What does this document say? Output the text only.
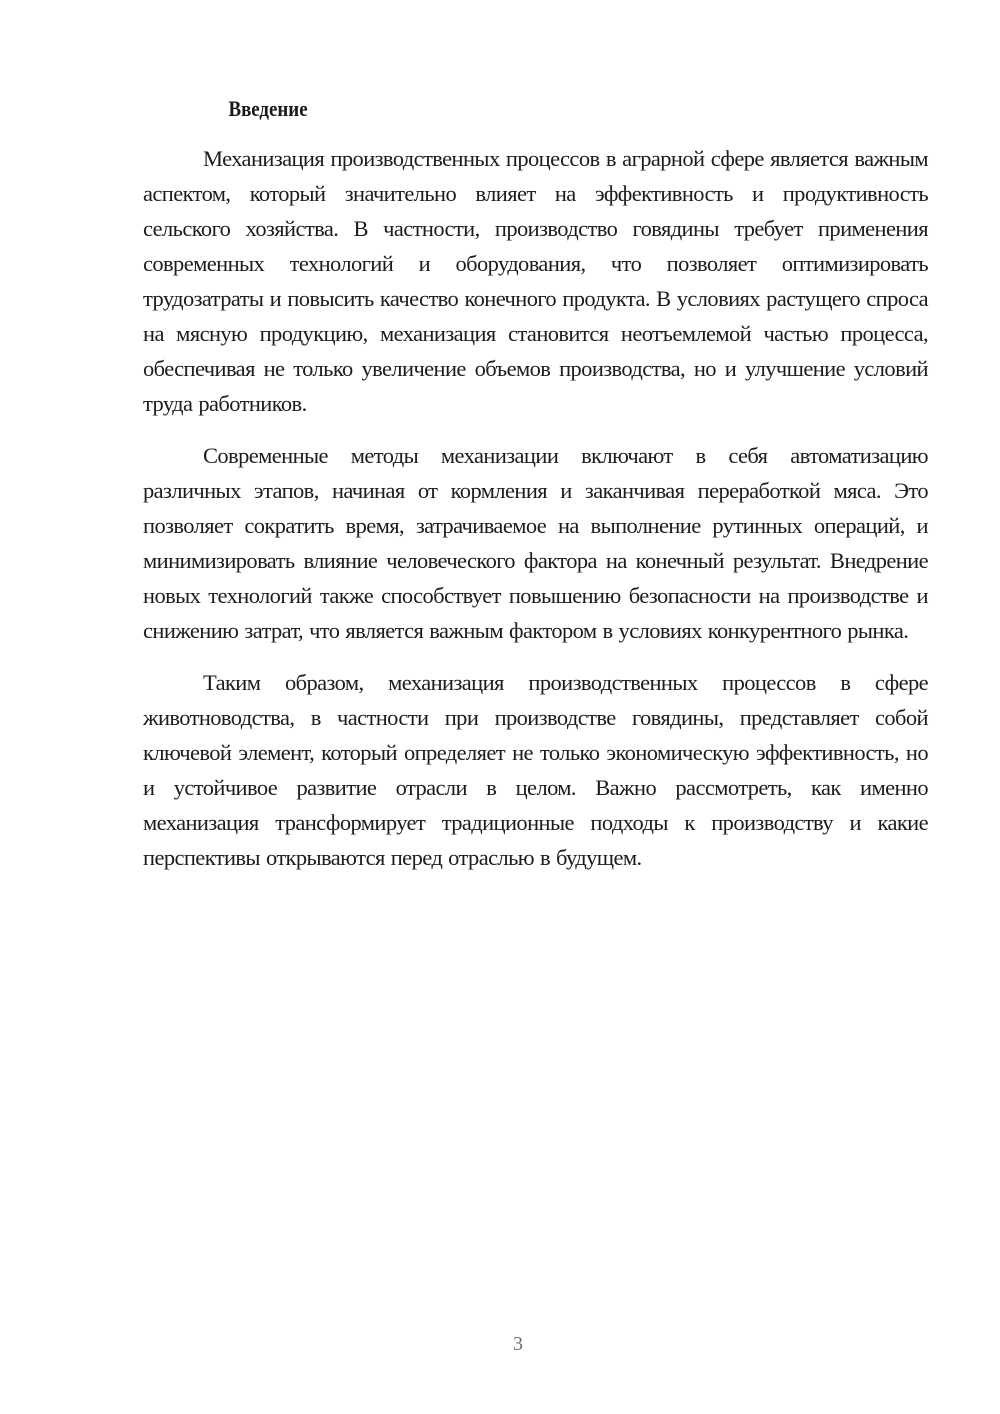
Введение

Механизация производственных процессов в аграрной сфере является важным аспектом, который значительно влияет на эффективность и продуктивность сельского хозяйства. В частности, производство говядины требует применения современных технологий и оборудования, что позволяет оптимизировать трудозатраты и повысить качество конечного продукта. В условиях растущего спроса на мясную продукцию, механизация становится неотъемлемой частью процесса, обеспечивая не только увеличение объемов производства, но и улучшение условий труда работников.

Современные методы механизации включают в себя автоматизацию различных этапов, начиная от кормления и заканчивая переработкой мяса. Это позволяет сократить время, затрачиваемое на выполнение рутинных операций, и минимизировать влияние человеческого фактора на конечный результат. Внедрение новых технологий также способствует повышению безопасности на производстве и снижению затрат, что является важным фактором в условиях конкурентного рынка.

Таким образом, механизация производственных процессов в сфере животноводства, в частности при производстве говядины, представляет собой ключевой элемент, который определяет не только экономическую эффективность, но и устойчивое развитие отрасли в целом. Важно рассмотреть, как именно механизация трансформирует традиционные подходы к производству и какие перспективы открываются перед отраслью в будущем.

3
